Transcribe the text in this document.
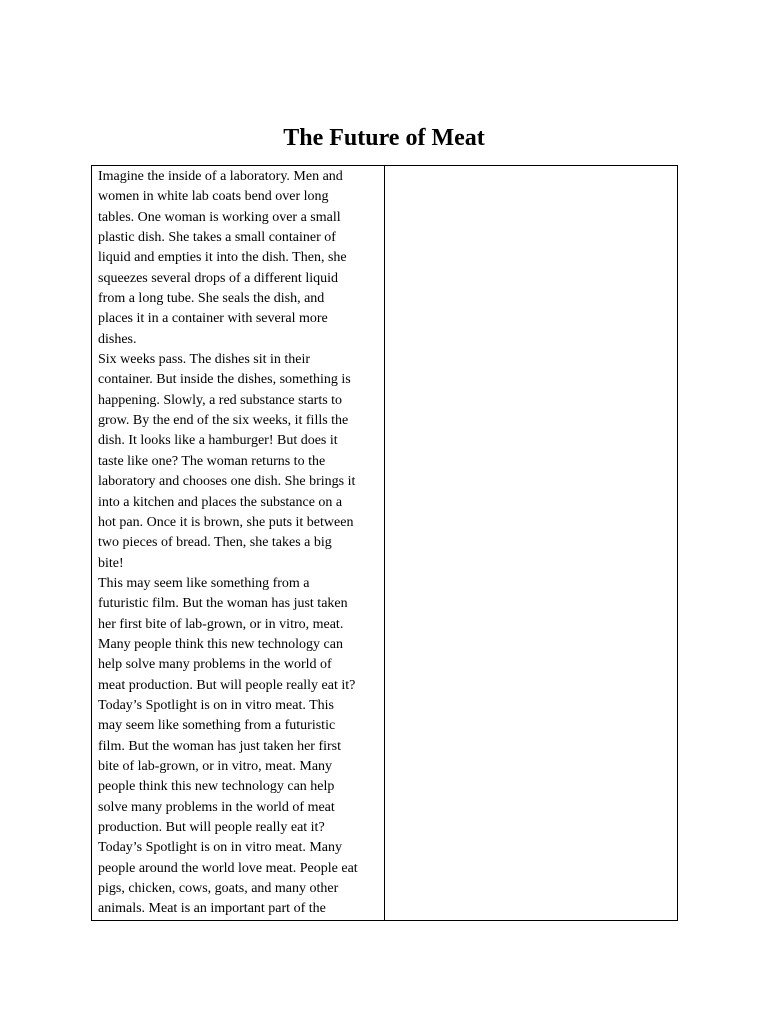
The Future of Meat
Imagine the inside of a laboratory. Men and
women in white lab coats bend over long
tables. One woman is working over a small
plastic dish. She takes a small container of
liquid and empties it into the dish. Then, she
squeezes several drops of a different liquid
from a long tube. She seals the dish, and
places it in a container with several more
dishes.
Six weeks pass. The dishes sit in their
container. But inside the dishes, something is
happening. Slowly, a red substance starts to
grow. By the end of the six weeks, it fills the
dish. It looks like a hamburger! But does it
taste like one? The woman returns to the
laboratory and chooses one dish. She brings it
into a kitchen and places the substance on a
hot pan. Once it is brown, she puts it between
two pieces of bread. Then, she takes a big
bite!
This may seem like something from a
futuristic film. But the woman has just taken
her first bite of lab-grown, or in vitro, meat.
Many people think this new technology can
help solve many problems in the world of
meat production. But will people really eat it?
Today’s Spotlight is on in vitro meat. This
may seem like something from a futuristic
film. But the woman has just taken her first
bite of lab-grown, or in vitro, meat. Many
people think this new technology can help
solve many problems in the world of meat
production. But will people really eat it?
Today’s Spotlight is on in vitro meat. Many
people around the world love meat. People eat
pigs, chicken, cows, goats, and many other
animals. Meat is an important part of the
